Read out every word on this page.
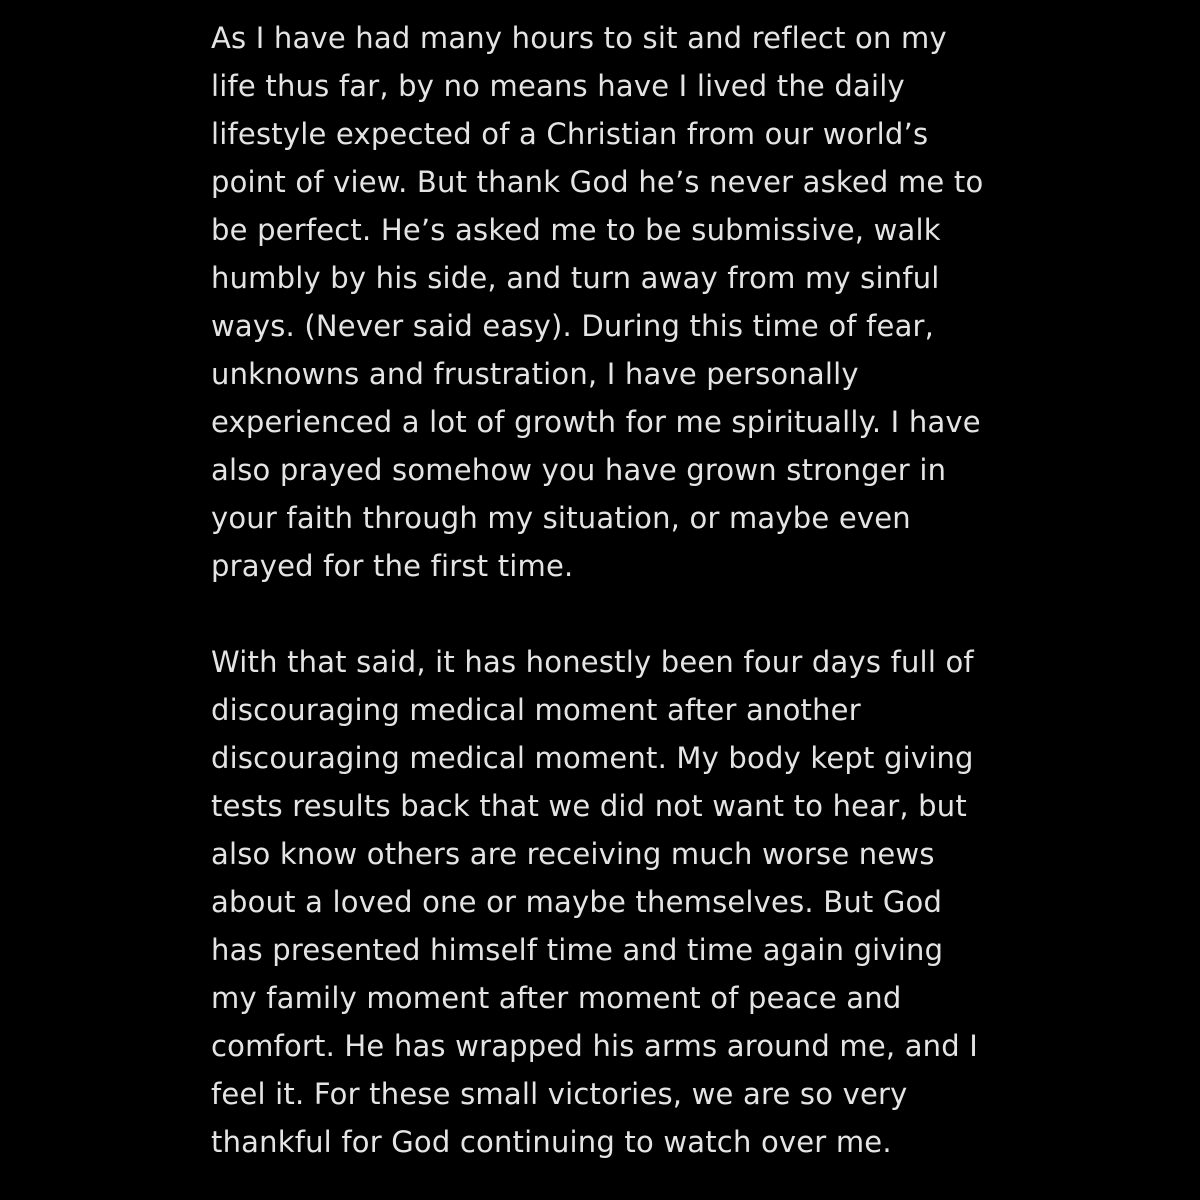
As I have had many hours to sit and reflect on my
life thus far, by no means have I lived the daily
lifestyle expected of a Christian from our world’s
point of view. But thank God he’s never asked me to
be perfect. He’s asked me to be submissive, walk
humbly by his side, and turn away from my sinful
ways. (Never said easy). During this time of fear,
unknowns and frustration, I have personally
experienced a lot of growth for me spiritually. I have
also prayed somehow you have grown stronger in
your faith through my situation, or maybe even
prayed for the first time.
With that said, it has honestly been four days full of
discouraging medical moment after another
discouraging medical moment. My body kept giving
tests results back that we did not want to hear, but
also know others are receiving much worse news
about a loved one or maybe themselves. But God
has presented himself time and time again giving
my family moment after moment of peace and
comfort. He has wrapped his arms around me, and I
feel it. For these small victories, we are so very
thankful for God continuing to watch over me.
